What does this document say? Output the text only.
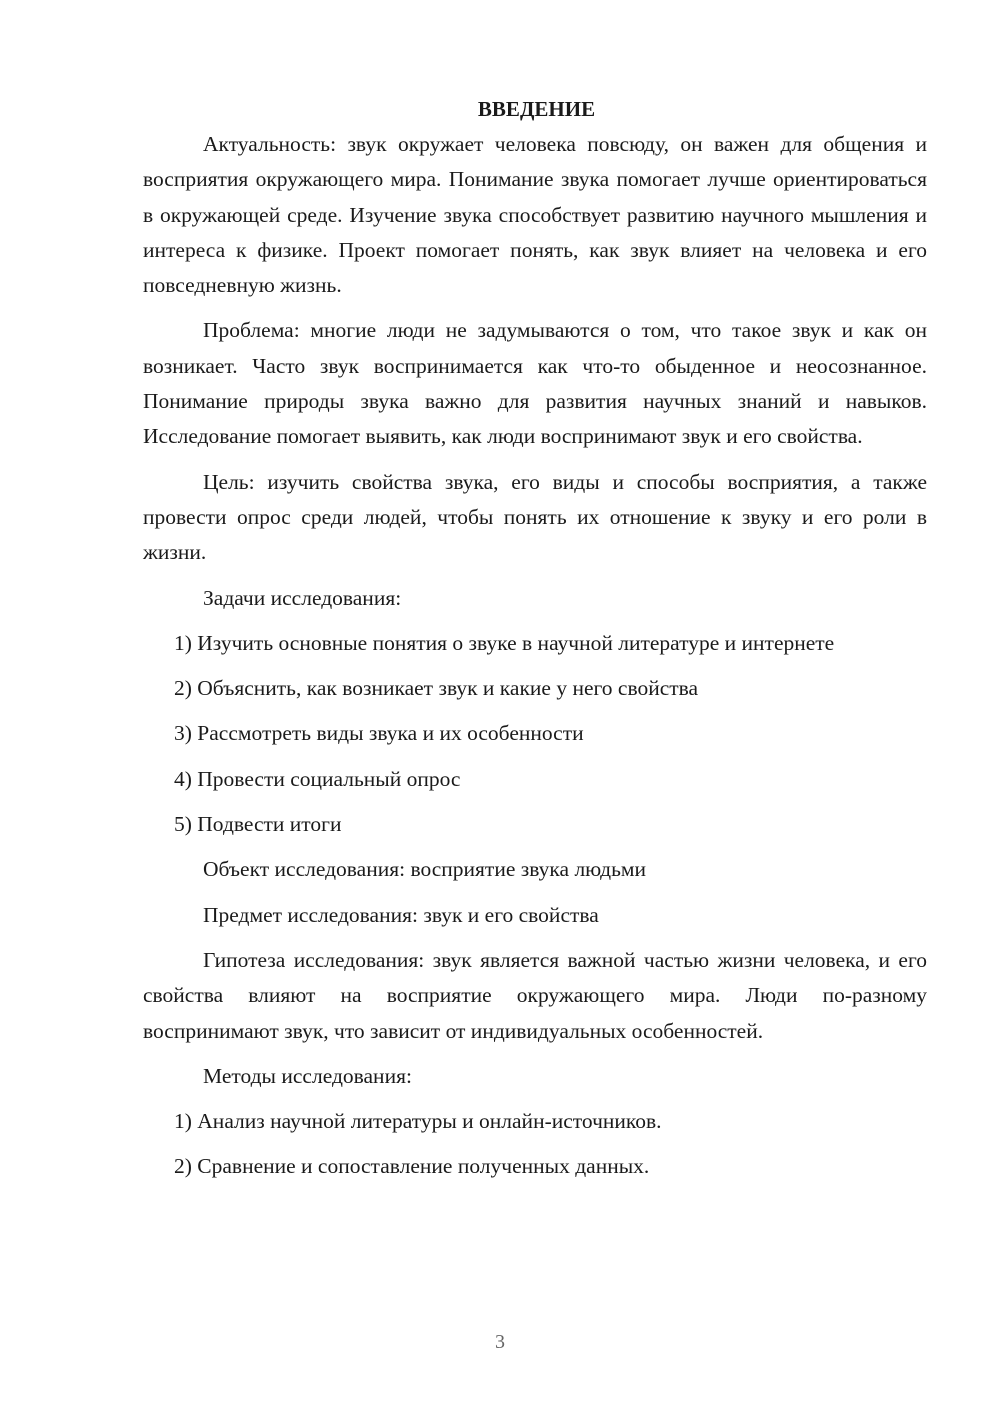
ВВЕДЕНИЕ

Актуальность: звук окружает человека повсюду, он важен для общения и восприятия окружающего мира. Понимание звука помогает лучше ориентироваться в окружающей среде. Изучение звука способствует развитию научного мышления и интереса к физике. Проект помогает понять, как звук влияет на человека и его повседневную жизнь.

Проблема: многие люди не задумываются о том, что такое звук и как он возникает. Часто звук воспринимается как что-то обыденное и неосознанное. Понимание природы звука важно для развития научных знаний и навыков. Исследование помогает выявить, как люди воспринимают звук и его свойства.

Цель: изучить свойства звука, его виды и способы восприятия, а также провести опрос среди людей, чтобы понять их отношение к звуку и его роли в жизни.

Задачи исследования:

1) Изучить основные понятия о звуке в научной литературе и интернете

2) Объяснить, как возникает звук и какие у него свойства

3) Рассмотреть виды звука и их особенности

4) Провести социальный опрос

5) Подвести итоги

Объект исследования: восприятие звука людьми

Предмет исследования: звук и его свойства

Гипотеза исследования: звук является важной частью жизни человека, и его свойства влияют на восприятие окружающего мира. Люди по-разному воспринимают звук, что зависит от индивидуальных особенностей.

Методы исследования:

1) Анализ научной литературы и онлайн-источников.

2) Сравнение и сопоставление полученных данных.

3
